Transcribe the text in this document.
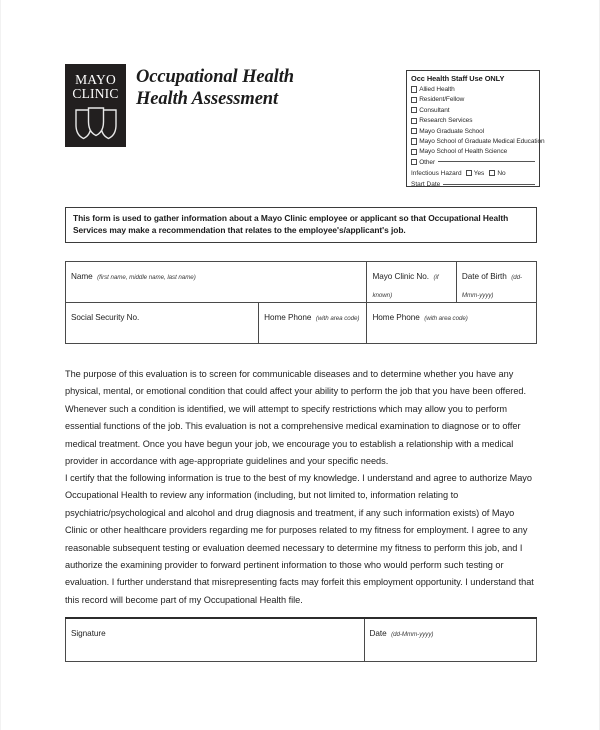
MAYO
CLINIC
Occupational Health
Health Assessment
Occ Health Staff Use ONLY
Allied Health
Resident/Fellow
Consultant
Research Services
Mayo Graduate School
Mayo School of Graduate Medical Education
Mayo School of Health Science
Other
Infectious Hazard Yes No
Start Date

This form is used to gather information about a Mayo Clinic employee or applicant so that Occupational Health Services may make a recommendation that relates to the employee's/applicant's job.

Name (first name, middle name, last name)		Mayo Clinic No. (if known)	Date of Birth (dd-Mmm-yyyy)
Social Security No.	Home Phone (with area code)	Home Phone (with area code)	

The purpose of this evaluation is to screen for communicable diseases and to determine whether you have any physical, mental, or emotional condition that could affect your ability to perform the job that you have been offered. Whenever such a condition is identified, we will attempt to specify restrictions which may allow you to perform essential functions of the job. This evaluation is not a comprehensive medical examination to diagnose or to offer medical treatment. Once you have begun your job, we encourage you to establish a relationship with a medical provider in accordance with age-appropriate guidelines and your specific needs.

I certify that the following information is true to the best of my knowledge. I understand and agree to authorize Mayo Occupational Health to review any information (including, but not limited to, information relating to psychiatric/psychological and alcohol and drug diagnosis and treatment, if any such information exists) of Mayo Clinic or other healthcare providers regarding me for purposes related to my fitness for employment. I agree to any reasonable subsequent testing or evaluation deemed necessary to determine my fitness to perform this job, and I authorize the examining provider to forward pertinent information to those who would perform such testing or evaluation. I further understand that misrepresenting facts may forfeit this employment opportunity. I understand that this record will become part of my Occupational Health file.

Signature	Date (dd-Mmm-yyyy)
